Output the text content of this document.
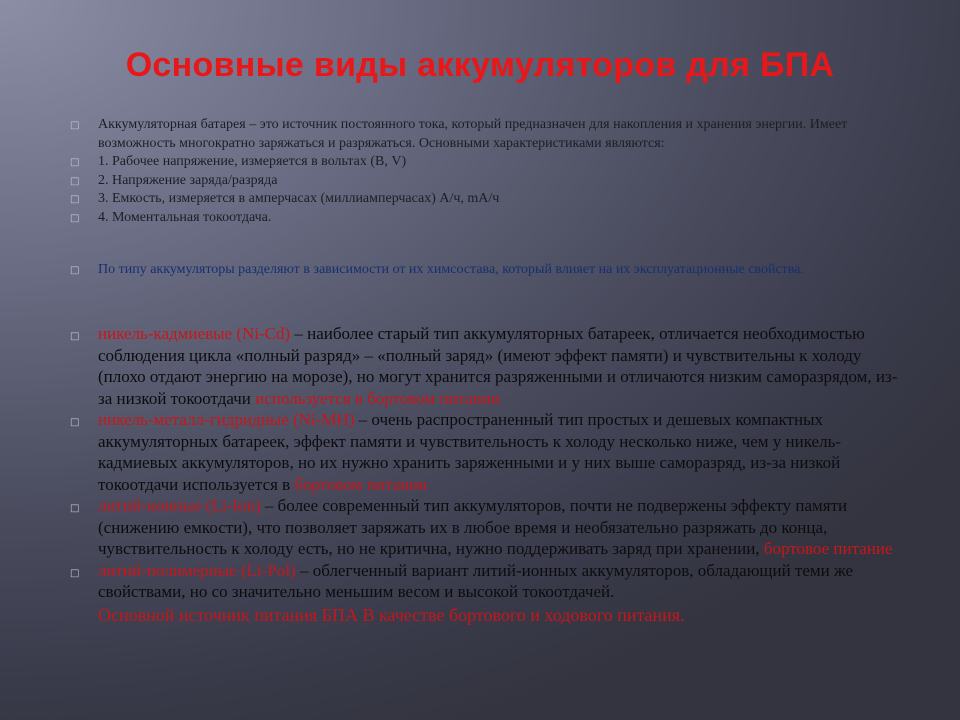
Основные виды аккумуляторов для БПА
□ Аккумуляторная батарея – это источник постоянного тока, который предназначен для накопления и хранения энергии. Имеет возможность многократно заряжаться и разряжаться. Основными характеристиками являются:
□ 1. Рабочее напряжение, измеряется в вольтах (В, V)
□ 2. Напряжение заряда/разряда
□ 3. Емкость, измеряется в амперчасах (миллиамперчасах) А/ч, mA/ч
□ 4. Моментальная токоотдача.
□ По типу аккумуляторы разделяют в зависимости от их химсостава, который влияет на их эксплуатационные свойства.
□ никель-кадмиевые (Ni-Cd) – наиболее старый тип аккумуляторных батареек, отличается необходимостью соблюдения цикла «полный разряд» – «полный заряд» (имеют эффект памяти) и чувствительны к холоду (плохо отдают энергию на морозе), но могут хранится разряженными и отличаются низким саморазрядом, из-за низкой токоотдачи используется в бортовом питании
□ никель-металл-гидридные (Ni-MH) – очень распространенный тип простых и дешевых компактных аккумуляторных батареек, эффект памяти и чувствительность к холоду несколько ниже, чем у никель-кадмиевых аккумуляторов, но их нужно хранить заряженными и у них выше саморазряд, из-за низкой токоотдачи используется в бортовом питании
□ литий-ионные (Li-Ion) – более современный тип аккумуляторов, почти не подвержены эффекту памяти (снижению емкости), что позволяет заряжать их в любое время и необязательно разряжать до конца, чувствительность к холоду есть, но не критична, нужно поддерживать заряд при хранении, бортовое питание
□ литий-полимерные (Li-Pol) – облегченный вариант литий-ионных аккумуляторов, обладающий теми же свойствами, но со значительно меньшим весом и высокой токоотдачей.
Основной источник питания БПА В качестве бортового и ходового питания.
